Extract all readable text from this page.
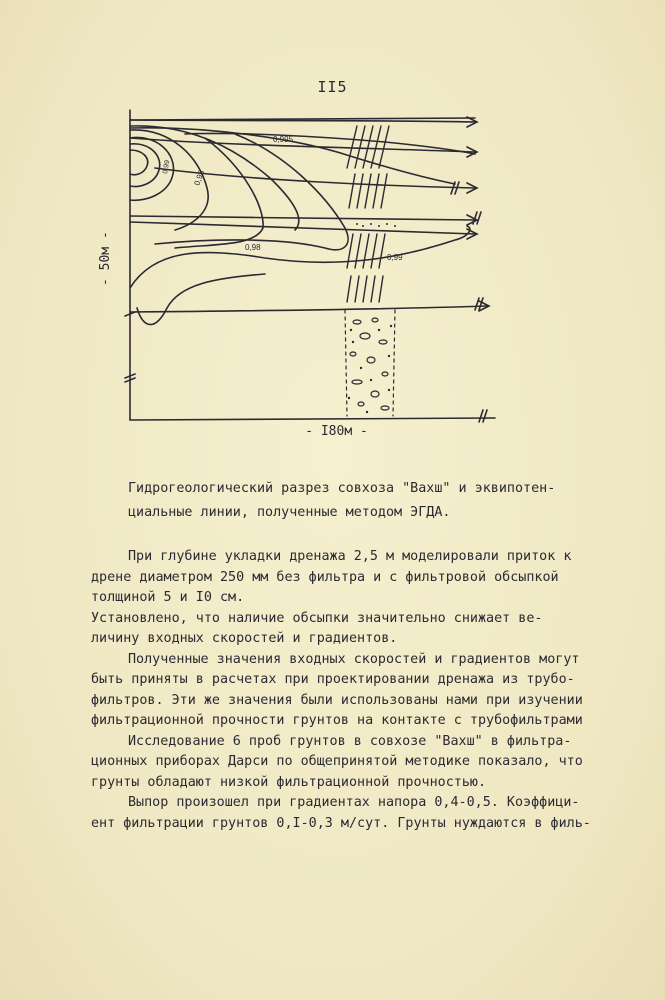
II5
0,995
0,98
0,99
0,98
0,99
- 50м -
- I80м -
Гидрогеологический разрез совхоза "Вахш" и эквипотен-
циальные линии, полученные методом ЭГДА.
При глубине укладки дренажа 2,5 м моделировали приток к
дрене диаметром 250 мм без фильтра и с фильтровой обсыпкой
толщиной 5 и I0 см.
Установлено, что наличие обсыпки значительно снижает ве-
личину входных скоростей и градиентов.
Полученные значения входных скоростей и градиентов могут
быть приняты в расчетах при проектировании дренажа из трубо-
фильтров. Эти же значения были использованы нами при изучении
фильтрационной прочности грунтов на контакте с трубофильтрами
Исследование 6 проб грунтов в совхозе "Вахш" в фильтра-
ционных приборах Дарси по общепринятой методике показало, что
грунты обладают низкой фильтрационной прочностью.
Выпор произошел при градиентах напора 0,4-0,5. Коэффици-
ент фильтрации грунтов 0,I-0,3 м/сут. Грунты нуждаются в филь-
